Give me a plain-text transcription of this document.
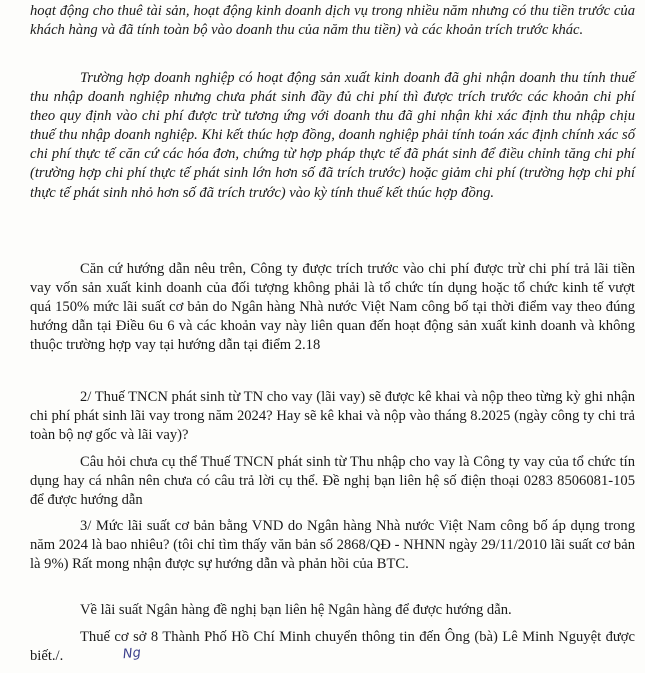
hoạt động cho thuê tài sản, hoạt động kinh doanh dịch vụ trong nhiều năm nhưng có thu tiền trước của khách hàng và đã tính toàn bộ vào doanh thu của năm thu tiền) và các khoản trích trước khác.

Trường hợp doanh nghiệp có hoạt động sản xuất kinh doanh đã ghi nhận doanh thu tính thuế thu nhập doanh nghiệp nhưng chưa phát sinh đầy đủ chi phí thì được trích trước các khoản chi phí theo quy định vào chi phí được trừ tương ứng với doanh thu đã ghi nhận khi xác định thu nhập chịu thuế thu nhập doanh nghiệp. Khi kết thúc hợp đồng, doanh nghiệp phải tính toán xác định chính xác số chi phí thực tế căn cứ các hóa đơn, chứng từ hợp pháp thực tế đã phát sinh để điều chỉnh tăng chi phí (trường hợp chi phí thực tế phát sinh lớn hơn số đã trích trước) hoặc giảm chi phí (trường hợp chi phí thực tế phát sinh nhỏ hơn số đã trích trước) vào kỳ tính thuế kết thúc hợp đồng.

Căn cứ hướng dẫn nêu trên, Công ty được trích trước vào chi phí được trừ chi phí trả lãi tiền vay vốn sản xuất kinh doanh của đối tượng không phải là tổ chức tín dụng hoặc tổ chức kinh tế vượt quá 150% mức lãi suất cơ bản do Ngân hàng Nhà nước Việt Nam công bố tại thời điểm vay theo đúng hướng dẫn tại Điều 6u 6 và các khoản vay này liên quan đến hoạt động sản xuất kinh doanh và không thuộc trường hợp vay tại hướng dẫn tại điểm 2.18

2/ Thuế TNCN phát sinh từ TN cho vay (lãi vay) sẽ được kê khai và nộp theo từng kỳ ghi nhận chi phí phát sinh lãi vay trong năm 2024? Hay sẽ kê khai và nộp vào tháng 8.2025 (ngày công ty chi trả toàn bộ nợ gốc và lãi vay)?

Câu hỏi chưa cụ thể Thuế TNCN phát sinh từ Thu nhập cho vay là Công ty vay của tổ chức tín dụng hay cá nhân nên chưa có câu trả lời cụ thể. Đề nghị bạn liên hệ số điện thoại 0283 8506081-105 để được hướng dẫn

3/ Mức lãi suất cơ bản bằng VND do Ngân hàng Nhà nước Việt Nam công bố áp dụng trong năm 2024 là bao nhiêu? (tôi chỉ tìm thấy văn bản số 2868/QĐ - NHNN ngày 29/11/2010 lãi suất cơ bản là 9%) Rất mong nhận được sự hướng dẫn và phản hồi của BTC.

Về lãi suất Ngân hàng đề nghị bạn liên hệ Ngân hàng để được hướng dẫn.

Thuế cơ sở 8 Thành Phố Hồ Chí Minh chuyển thông tin đến Ông (bà) Lê Minh Nguyệt được biết./.	Ng
